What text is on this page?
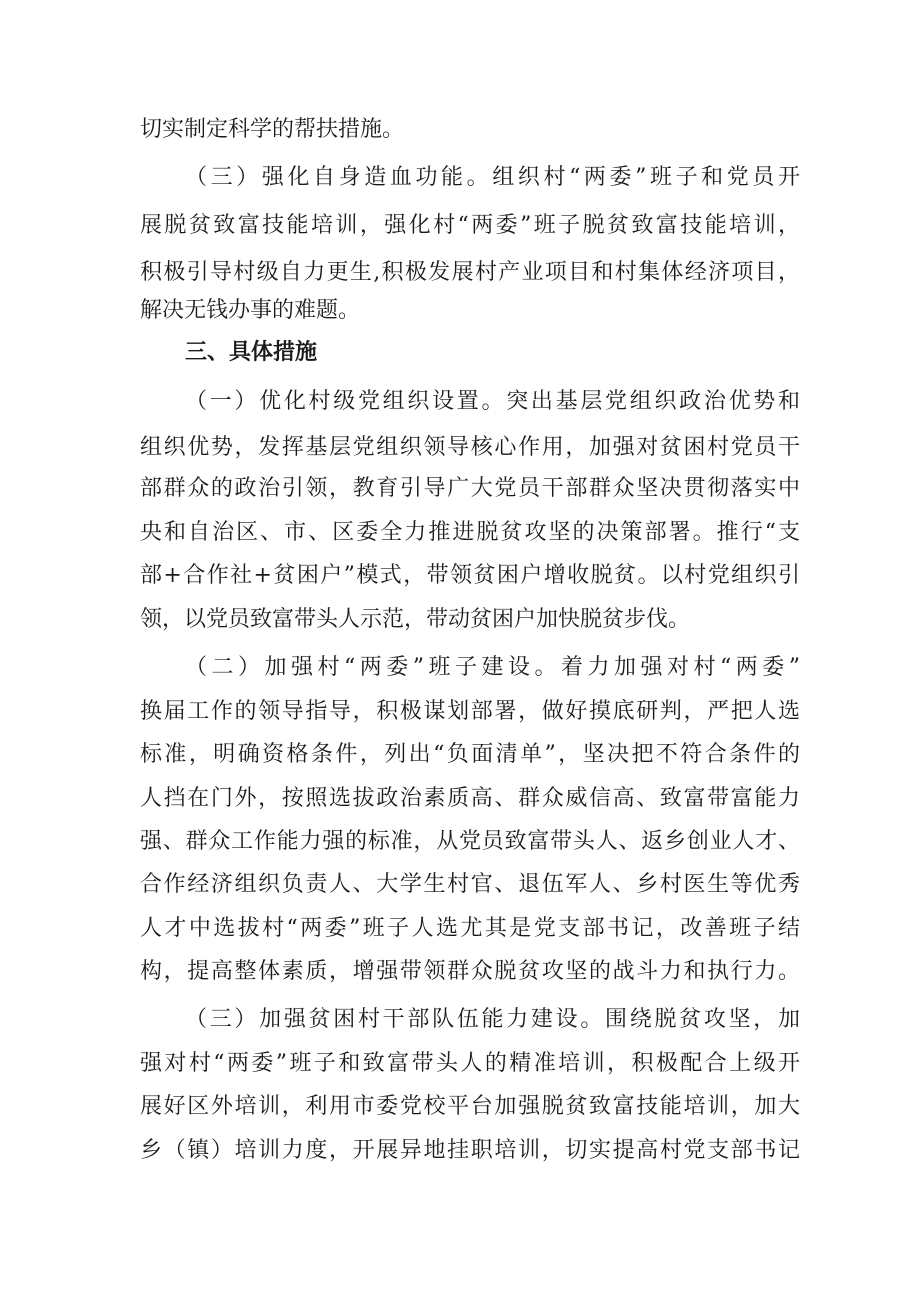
切实制定科学的帮扶措施。
（三）强化自身造血功能。组织村“两委”班子和党员开
展脱贫致富技能培训，强化村“两委”班子脱贫致富技能培训，
积极引导村级自力更生,积极发展村产业项目和村集体经济项目，
解决无钱办事的难题。
三、具体措施
（一）优化村级党组织设置。突出基层党组织政治优势和
组织优势，发挥基层党组织领导核心作用，加强对贫困村党员干
部群众的政治引领，教育引导广大党员干部群众坚决贯彻落实中
央和自治区、市、区委全力推进脱贫攻坚的决策部署。推行“支
部+合作社+贫困户”模式，带领贫困户增收脱贫。以村党组织引
领，以党员致富带头人示范，带动贫困户加快脱贫步伐。
（二）加强村“两委”班子建设。着力加强对村“两委”
换届工作的领导指导，积极谋划部署，做好摸底研判，严把人选
标准，明确资格条件，列出“负面清单”，坚决把不符合条件的
人挡在门外，按照选拔政治素质高、群众威信高、致富带富能力
强、群众工作能力强的标准，从党员致富带头人、返乡创业人才、
合作经济组织负责人、大学生村官、退伍军人、乡村医生等优秀
人才中选拔村“两委”班子人选尤其是党支部书记，改善班子结
构，提高整体素质，增强带领群众脱贫攻坚的战斗力和执行力。
（三）加强贫困村干部队伍能力建设。围绕脱贫攻坚，加
强对村“两委”班子和致富带头人的精准培训，积极配合上级开
展好区外培训，利用市委党校平台加强脱贫致富技能培训，加大
乡（镇）培训力度，开展异地挂职培训，切实提高村党支部书记
